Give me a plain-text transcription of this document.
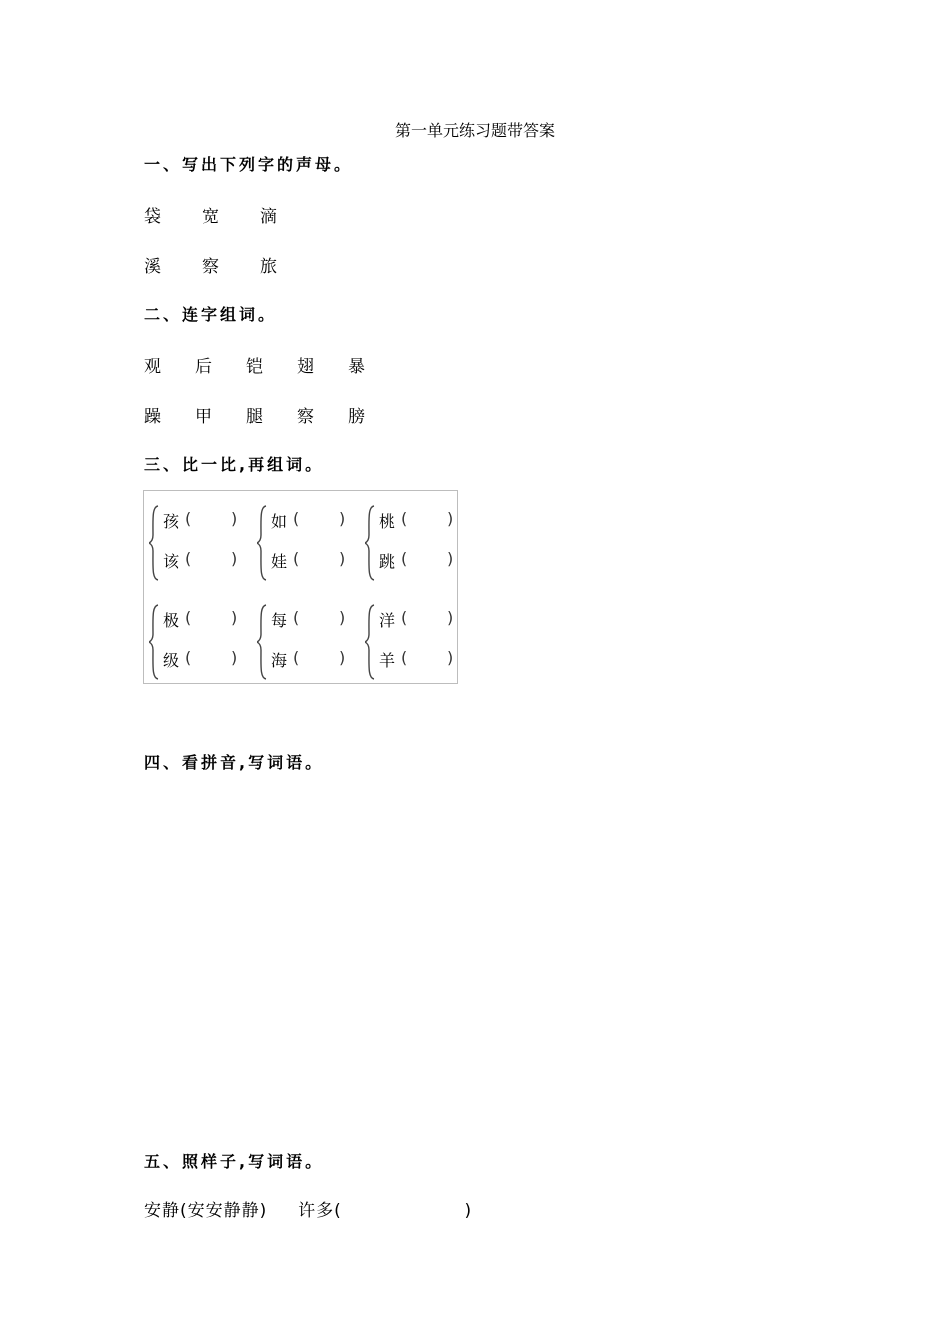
第一单元练习题带答案
一、写出下列字的声母。
袋 宽 滴
溪 察 旅
二、连字组词。
观 后 铠 翅 暴
躁 甲 腿 察 膀
三、比一比,再组词。
孩 ( )
该 ( )
如 ( )
娃 ( )
桃 ( )
跳 ( )
极 ( )
级 ( )
每 ( )
海 ( )
洋 ( )
羊 ( )
四、看拼音,写词语。
五、照样子,写词语。
安静(安安静静) 许多(	)
